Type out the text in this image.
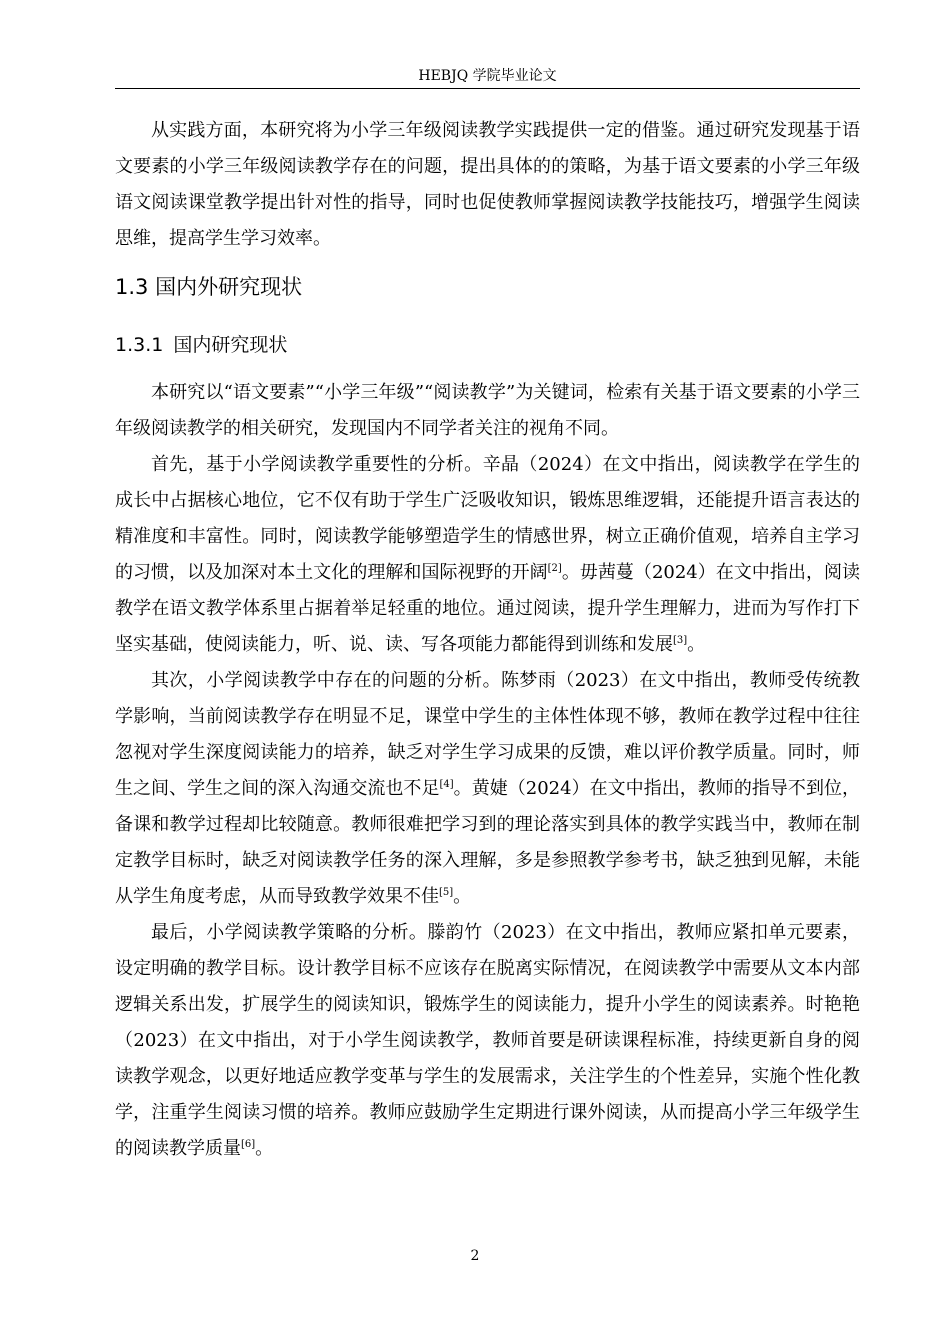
HEBJQ 学院毕业论文

从实践方面，本研究将为小学三年级阅读教学实践提供一定的借鉴。通过研究发现基于语文要素的小学三年级阅读教学存在的问题，提出具体的的策略，为基于语文要素的小学三年级语文阅读课堂教学提出针对性的指导，同时也促使教师掌握阅读教学技能技巧，增强学生阅读思维，提高学生学习效率。

1.3 国内外研究现状
1.3.1 国内研究现状

本研究以“语文要素”“小学三年级”“阅读教学”为关键词，检索有关基于语文要素的小学三年级阅读教学的相关研究，发现国内不同学者关注的视角不同。

首先，基于小学阅读教学重要性的分析。辛晶（2024）在文中指出，阅读教学在学生的成长中占据核心地位，它不仅有助于学生广泛吸收知识，锻炼思维逻辑，还能提升语言表达的精准度和丰富性。同时，阅读教学能够塑造学生的情感世界，树立正确价值观，培养自主学习的习惯，以及加深对本土文化的理解和国际视野的开阔[2]。毋茜蔓（2024）在文中指出，阅读教学在语文教学体系里占据着举足轻重的地位。通过阅读，提升学生理解力，进而为写作打下坚实基础，使阅读能力，听、说、读、写各项能力都能得到训练和发展[3]。

其次，小学阅读教学中存在的问题的分析。陈梦雨（2023）在文中指出，教师受传统教学影响，当前阅读教学存在明显不足，课堂中学生的主体性体现不够，教师在教学过程中往往忽视对学生深度阅读能力的培养，缺乏对学生学习成果的反馈，难以评价教学质量。同时，师生之间、学生之间的深入沟通交流也不足[4]。黄婕（2024）在文中指出，教师的指导不到位，备课和教学过程却比较随意。教师很难把学习到的理论落实到具体的教学实践当中，教师在制定教学目标时，缺乏对阅读教学任务的深入理解，多是参照教学参考书，缺乏独到见解，未能从学生角度考虑，从而导致教学效果不佳[5]。

最后，小学阅读教学策略的分析。滕韵竹（2023）在文中指出，教师应紧扣单元要素，设定明确的教学目标。设计教学目标不应该存在脱离实际情况，在阅读教学中需要从文本内部逻辑关系出发，扩展学生的阅读知识，锻炼学生的阅读能力，提升小学生的阅读素养。时艳艳（2023）在文中指出，对于小学生阅读教学，教师首要是研读课程标准，持续更新自身的阅读教学观念，以更好地适应教学变革与学生的发展需求，关注学生的个性差异，实施个性化教学，注重学生阅读习惯的培养。教师应鼓励学生定期进行课外阅读，从而提高小学三年级学生的阅读教学质量[6]。

2
